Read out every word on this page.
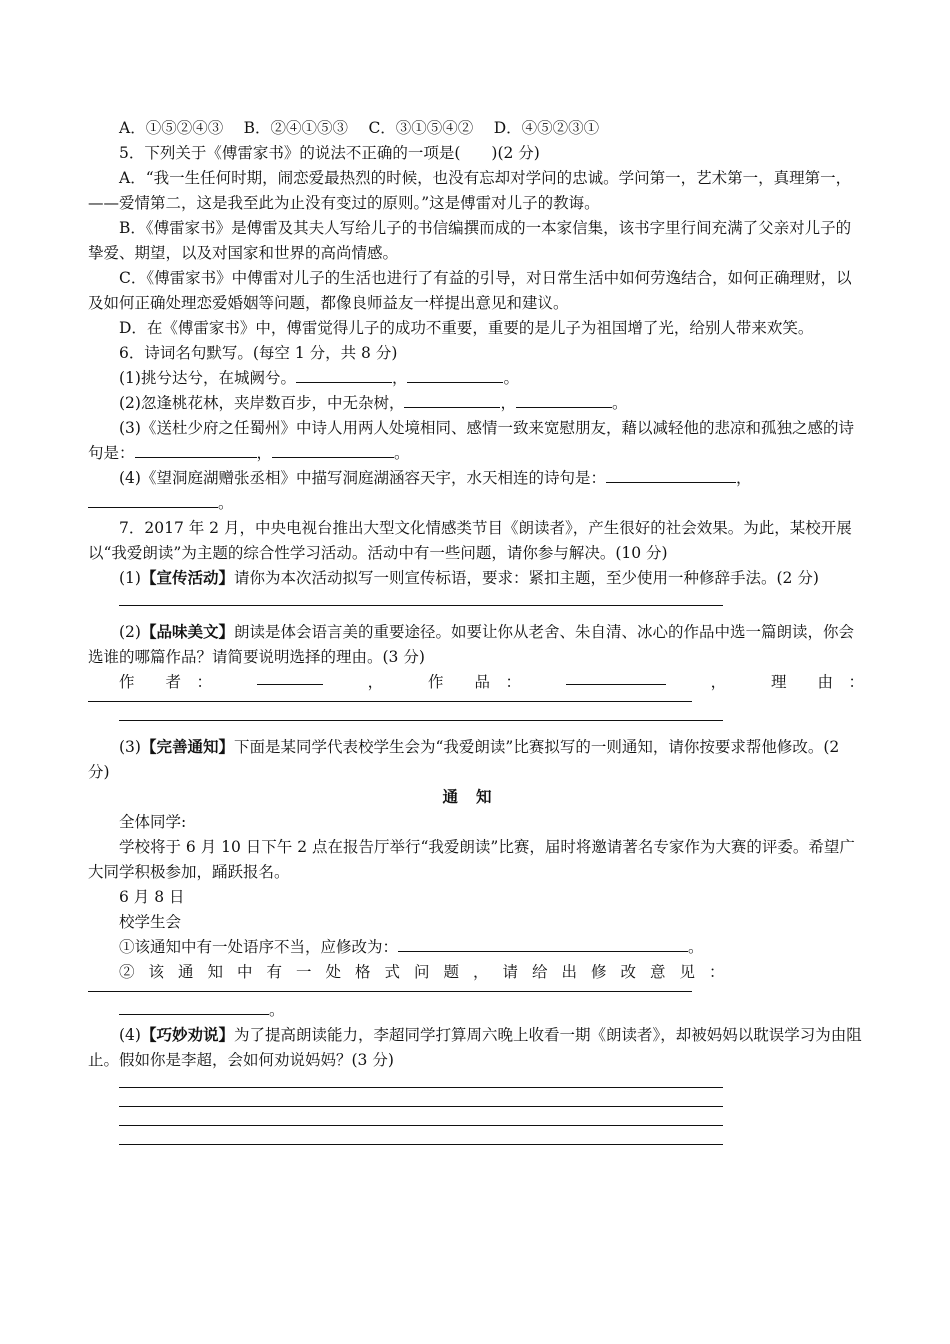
A．①⑤②④③　 B．②④①⑤③　 C．③①⑤④②　 D．④⑤②③①

5．下列关于《傅雷家书》的说法不正确的一项是(　　)(2 分)

A．“我一生任何时期，闹恋爱最热烈的时候，也没有忘却对学问的忠诚。学问第一，艺术第一，真理第一，——爱情第二，这是我至此为止没有变过的原则。”这是傅雷对儿子的教诲。

B．《傅雷家书》是傅雷及其夫人写给儿子的书信编撰而成的一本家信集，该书字里行间充满了父亲对儿子的挚爱、期望，以及对国家和世界的高尚情感。

C．《傅雷家书》中傅雷对儿子的生活也进行了有益的引导，对日常生活中如何劳逸结合，如何正确理财，以及如何正确处理恋爱婚姻等问题，都像良师益友一样提出意见和建议。

D．在《傅雷家书》中，傅雷觉得儿子的成功不重要，重要的是儿子为祖国增了光，给别人带来欢笑。

6．诗词名句默写。(每空 1 分，共 8 分)

(1)挑兮达兮，在城阙兮。	，	。

(2)忽逢桃花林，夹岸数百步，中无杂树，	，	。

(3)《送杜少府之任蜀州》中诗人用两人处境相同、感情一致来宽慰朋友，藉以减轻他的悲凉和孤独之感的诗句是：	，	。

(4)《望洞庭湖赠张丞相》中描写洞庭湖涵容天宇，水天相连的诗句是：	，。

7．2017 年 2 月，中央电视台推出大型文化情感类节目《朗读者》，产生很好的社会效果。为此，某校开展以“我爱朗读”为主题的综合性学习活动。活动中有一些问题，请你参与解决。(10 分)

(1)【宣传活动】请你为本次活动拟写一则宣传标语，要求：紧扣主题，至少使用一种修辞手法。(2 分)

(2)【品味美文】朗读是体会语言美的重要途径。如要让你从老舍、朱自清、冰心的作品中选一篇朗读，你会选谁的哪篇作品？请简要说明选择的理由。(3 分)

作　　者　：	，	作　　品　：	，	理　　由　：

(3)【完善通知】下面是某同学代表校学生会为“我爱朗读”比赛拟写的一则通知，请你按要求帮他修改。(2 分)

通知

全体同学:

学校将于 6 月 10 日下午 2 点在报告厅举行“我爱朗读”比赛，届时将邀请著名专家作为大赛的评委。希望广大同学积极参加，踊跃报名。

6 月 8 日

校学生会

①该通知中有一处语序不当，应修改为：	。

②该通知中有一处格式问题，请给出修改意见：

。

(4)【巧妙劝说】为了提高朗读能力，李超同学打算周六晚上收看一期《朗读者》，却被妈妈以耽误学习为由阻止。假如你是李超，会如何劝说妈妈？(3 分)
